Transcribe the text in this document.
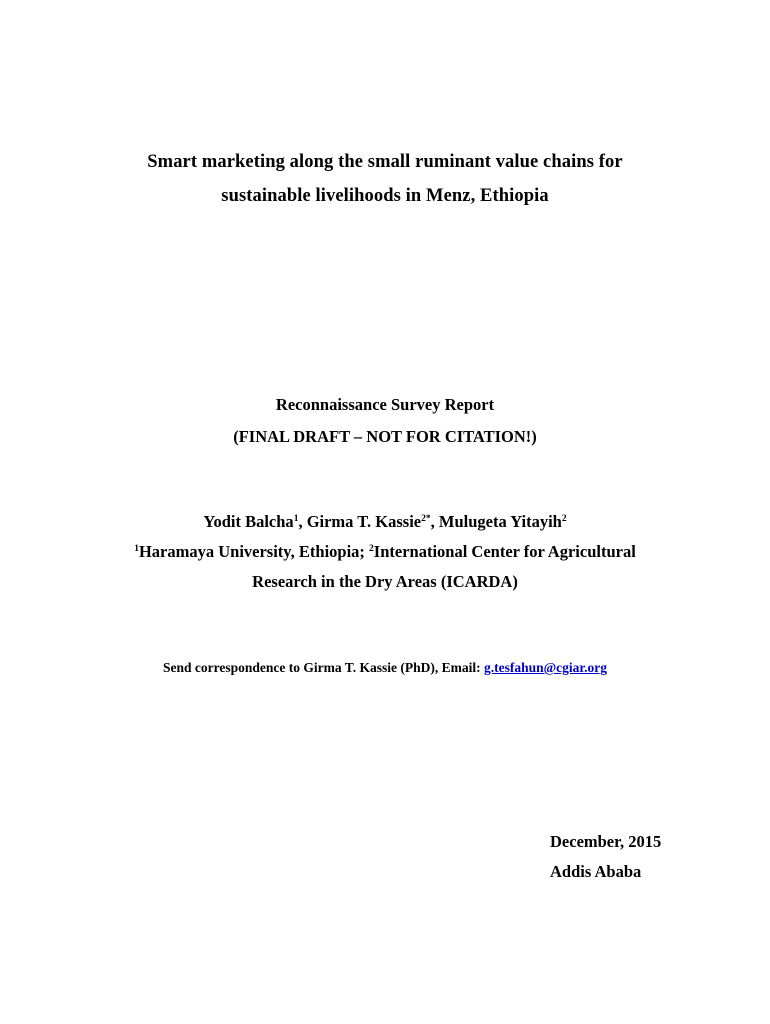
Smart marketing along the small ruminant value chains for
sustainable livelihoods in Menz, Ethiopia
Reconnaissance Survey Report
(FINAL DRAFT – NOT FOR CITATION!)
Yodit Balcha$^1$, Girma T. Kassie$^{2*}$, Mulugeta Yitayih$^2$
$^1$Haramaya University, Ethiopia; $^2$International Center for Agricultural
Research in the Dry Areas (ICARDA)
Send correspondence to Girma T. Kassie (PhD), Email: g.tesfahun@cgiar.org
December, 2015
Addis Ababa
